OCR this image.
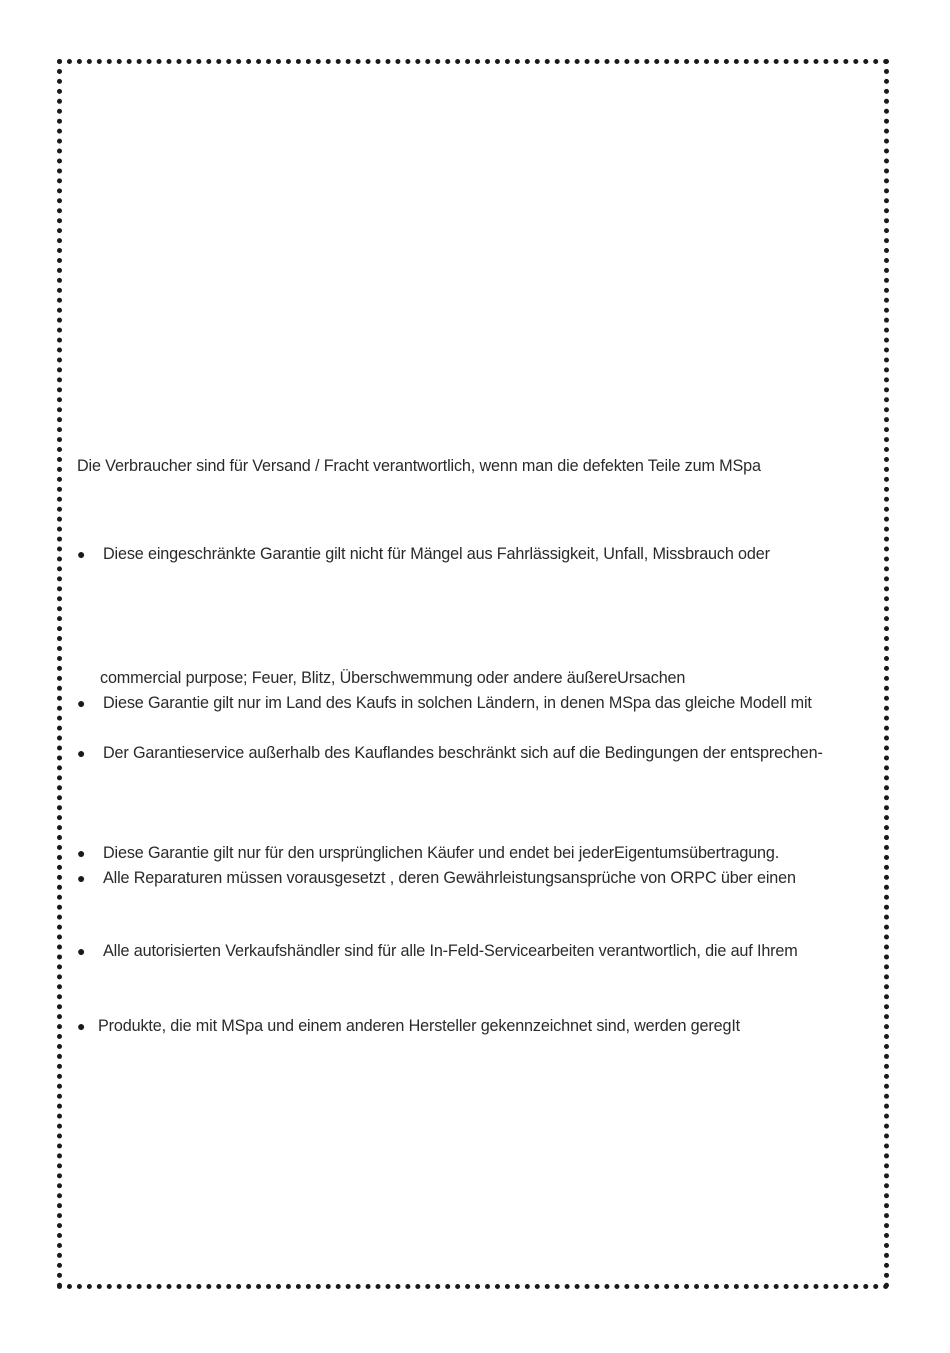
Die Verbraucher sind für Versand / Fracht verantwortlich, wenn man die defekten Teile zum MSpa
● Diese eingeschränkte Garantie gilt nicht für Mängel aus Fahrlässigkeit, Unfall, Missbrauch oder
commercial purpose; Feuer, Blitz, Überschwemmung oder andere äußereUrsachen
● Diese Garantie gilt nur im Land des Kaufs in solchen Ländern, in denen MSpa das gleiche Modell mit
● Der Garantieservice außerhalb des Kauflandes beschränkt sich auf die Bedingungen der entsprechen-
● Diese Garantie gilt nur für den ursprünglichen Käufer und endet bei jederEigentumsübertragung.
● Alle Reparaturen müssen vorausgesetzt , deren Gewährleistungsansprüche von ORPC über einen
● Alle autorisierten Verkaufshändler sind für alle In-Feld-Servicearbeiten verantwortlich, die auf Ihrem
● Produkte, die mit MSpa und einem anderen Hersteller gekennzeichnet sind, werden geregIt
